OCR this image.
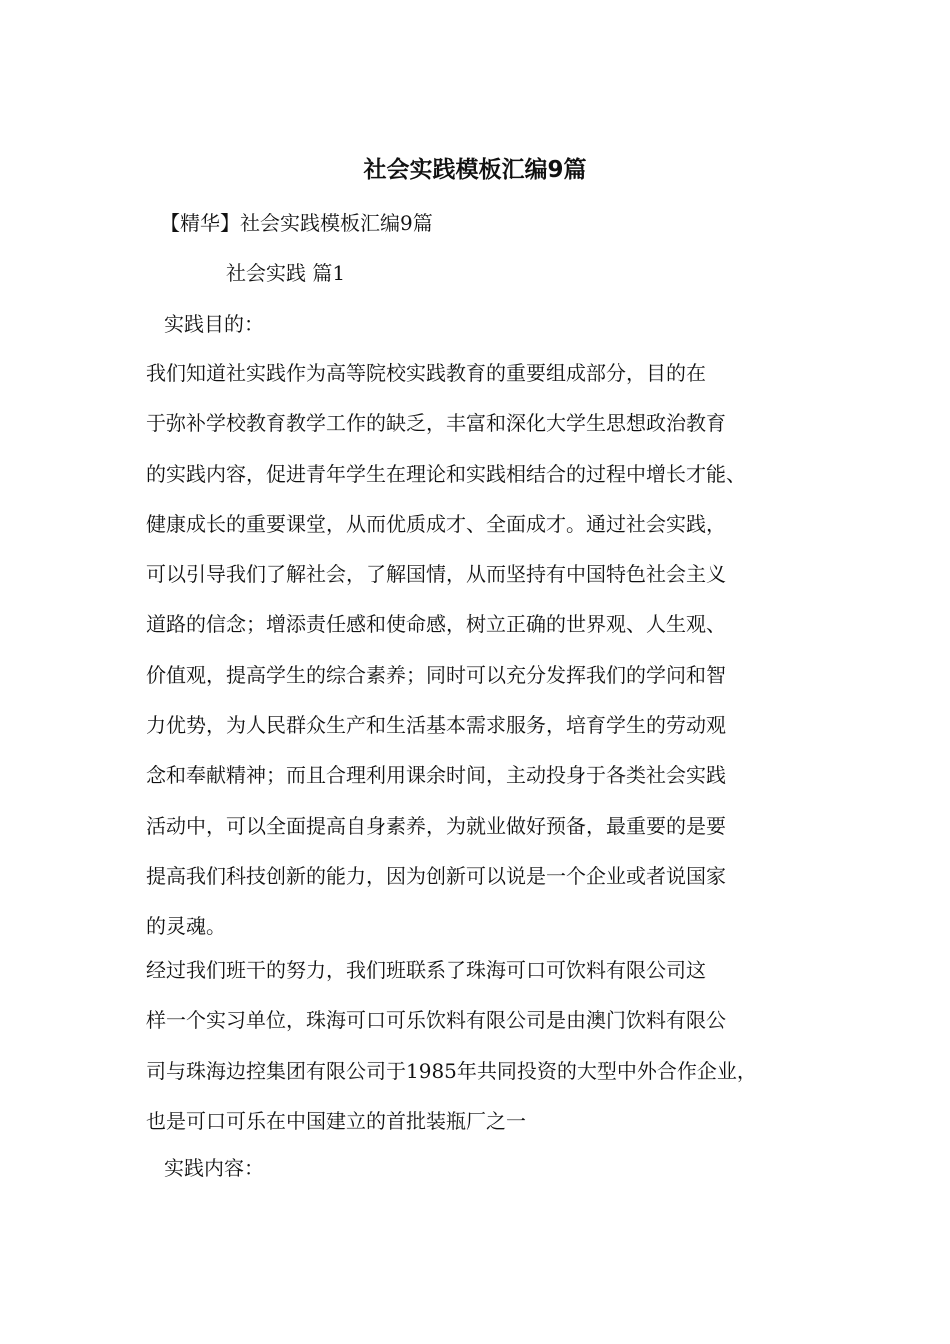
社会实践模板汇编9篇

【精华】社会实践模板汇编9篇

社会实践 篇1

实践目的：

我们知道社实践作为高等院校实践教育的重要组成部分，目的在
于弥补学校教育教学工作的缺乏，丰富和深化大学生思想政治教育
的实践内容，促进青年学生在理论和实践相结合的过程中增长才能、
健康成长的重要课堂，从而优质成才、全面成才。通过社会实践，
可以引导我们了解社会，了解国情，从而坚持有中国特色社会主义
道路的信念；增添责任感和使命感，树立正确的世界观、人生观、
价值观，提高学生的综合素养；同时可以充分发挥我们的学问和智
力优势，为人民群众生产和生活基本需求服务，培育学生的劳动观
念和奉献精神；而且合理利用课余时间，主动投身于各类社会实践
活动中，可以全面提高自身素养，为就业做好预备，最重要的是要
提高我们科技创新的能力，因为创新可以说是一个企业或者说国家
的灵魂。

经过我们班干的努力，我们班联系了珠海可口可饮料有限公司这
样一个实习单位，珠海可口可乐饮料有限公司是由澳门饮料有限公
司与珠海边控集团有限公司于1985年共同投资的大型中外合作企业，
也是可口可乐在中国建立的首批装瓶厂之一

实践内容：
